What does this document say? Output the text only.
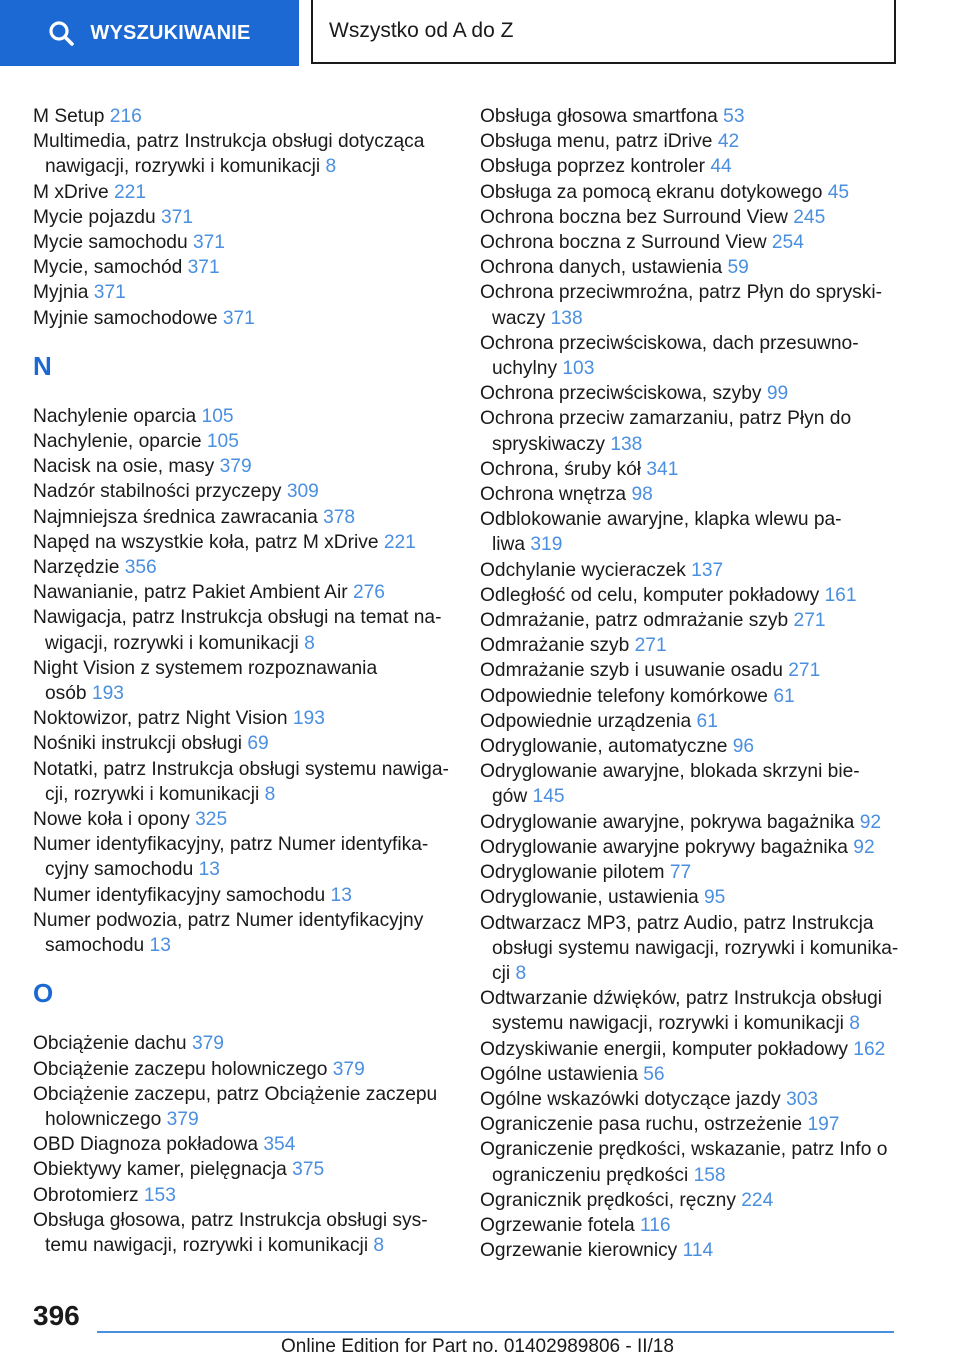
WYSZUKIWANIE	Wszystko od A do Z
M Setup 216
Multimedia, patrz Instrukcja obsługi dotycząca
nawigacji, rozrywki i komunikacji 8
M xDrive 221
Mycie pojazdu 371
Mycie samochodu 371
Mycie, samochód 371
Myjnia 371
Myjnie samochodowe 371
N
Nachylenie oparcia 105
Nachylenie, oparcie 105
Nacisk na osie, masy 379
Nadzór stabilności przyczepy 309
Najmniejsza średnica zawracania 378
Napęd na wszystkie koła, patrz M xDrive 221
Narzędzie 356
Nawanianie, patrz Pakiet Ambient Air 276
Nawigacja, patrz Instrukcja obsługi na temat na-
wigacji, rozrywki i komunikacji 8
Night Vision z systemem rozpoznawania
osób 193
Noktowizor, patrz Night Vision 193
Nośniki instrukcji obsługi 69
Notatki, patrz Instrukcja obsługi systemu nawiga-
cji, rozrywki i komunikacji 8
Nowe koła i opony 325
Numer identyfikacyjny, patrz Numer identyfika-
cyjny samochodu 13
Numer identyfikacyjny samochodu 13
Numer podwozia, patrz Numer identyfikacyjny
samochodu 13
O
Obciążenie dachu 379
Obciążenie zaczepu holowniczego 379
Obciążenie zaczepu, patrz Obciążenie zaczepu
holowniczego 379
OBD Diagnoza pokładowa 354
Obiektywy kamer, pielęgnacja 375
Obrotomierz 153
Obsługa głosowa, patrz Instrukcja obsługi sys-
temu nawigacji, rozrywki i komunikacji 8
Obsługa głosowa smartfona 53
Obsługa menu, patrz iDrive 42
Obsługa poprzez kontroler 44
Obsługa za pomocą ekranu dotykowego 45
Ochrona boczna bez Surround View 245
Ochrona boczna z Surround View 254
Ochrona danych, ustawienia 59
Ochrona przeciwmroźna, patrz Płyn do spryski-
waczy 138
Ochrona przeciwściskowa, dach przesuwno-
uchylny 103
Ochrona przeciwściskowa, szyby 99
Ochrona przeciw zamarzaniu, patrz Płyn do
spryskiwaczy 138
Ochrona, śruby kół 341
Ochrona wnętrza 98
Odblokowanie awaryjne, klapka wlewu pa-
liwa 319
Odchylanie wycieraczek 137
Odległość od celu, komputer pokładowy 161
Odmrażanie, patrz odmrażanie szyb 271
Odmrażanie szyb 271
Odmrażanie szyb i usuwanie osadu 271
Odpowiednie telefony komórkowe 61
Odpowiednie urządzenia 61
Odryglowanie, automatyczne 96
Odryglowanie awaryjne, blokada skrzyni bie-
gów 145
Odryglowanie awaryjne, pokrywa bagażnika 92
Odryglowanie awaryjne pokrywy bagażnika 92
Odryglowanie pilotem 77
Odryglowanie, ustawienia 95
Odtwarzacz MP3, patrz Audio, patrz Instrukcja
obsługi systemu nawigacji, rozrywki i komunika-
cji 8
Odtwarzanie dźwięków, patrz Instrukcja obsługi
systemu nawigacji, rozrywki i komunikacji 8
Odzyskiwanie energii, komputer pokładowy 162
Ogólne ustawienia 56
Ogólne wskazówki dotyczące jazdy 303
Ograniczenie pasa ruchu, ostrzeżenie 197
Ograniczenie prędkości, wskazanie, patrz Info o
ograniczeniu prędkości 158
Ogranicznik prędkości, ręczny 224
Ogrzewanie fotela 116
Ogrzewanie kierownicy 114
396
Online Edition for Part no. 01402989806 - II/18
